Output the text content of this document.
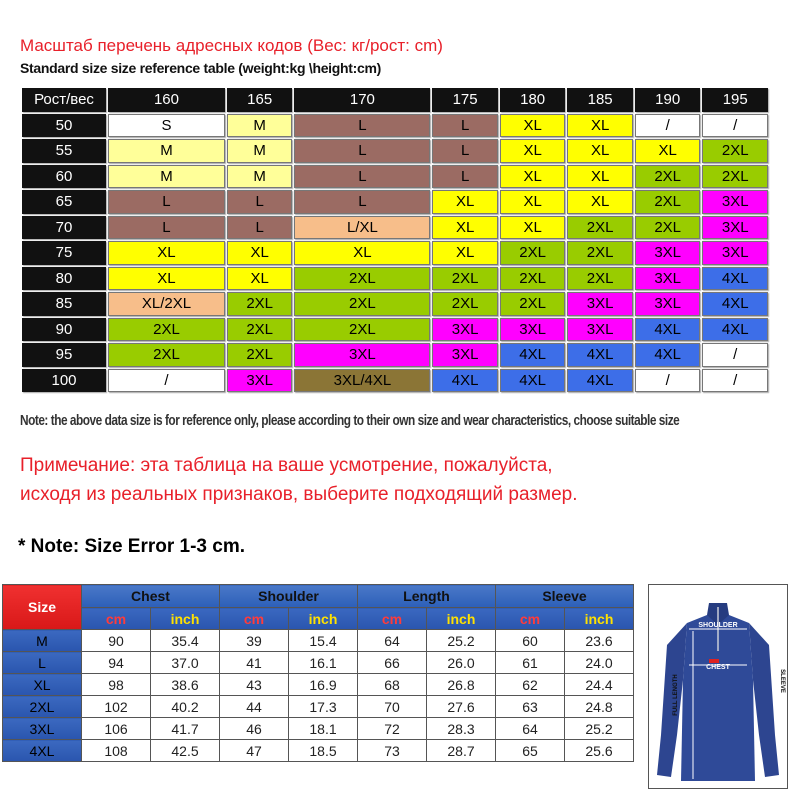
Масштаб перечень адресных кодов (Вес: кг/рост: cm)
Standard size size reference table (weight:kg \height:cm)
Рост/вес	160	165	170	175	180	185	190	195
50	S	M	L	L	XL	XL	/	/
55	M	M	L	L	XL	XL	XL	2XL
60	M	M	L	L	XL	XL	2XL	2XL
65	L	L	L	XL	XL	XL	2XL	3XL
70	L	L	L/XL	XL	XL	2XL	2XL	3XL
75	XL	XL	XL	XL	2XL	2XL	3XL	3XL
80	XL	XL	2XL	2XL	2XL	2XL	3XL	4XL
85	XL/2XL	2XL	2XL	2XL	2XL	3XL	3XL	4XL
90	2XL	2XL	2XL	3XL	3XL	3XL	4XL	4XL
95	2XL	2XL	3XL	3XL	4XL	4XL	4XL	/
100	/	3XL	3XL/4XL	4XL	4XL	4XL	/	/
Note: the above data size is for reference only, please according to their own size and wear characteristics, choose suitable size
Примечание: эта таблица на ваше усмотрение, пожалуйста,
исходя из реальных признаков, выберите подходящий размер.
* Note: Size Error 1-3 cm.
Size	Chest		Shoulder		Length		Sleeve	
	cm	inch	cm	inch	cm	inch	cm	inch
M	90	35.4	39	15.4	64	25.2	60	23.6
L	94	37.0	41	16.1	66	26.0	61	24.0
XL	98	38.6	43	16.9	68	26.8	62	24.4
2XL	102	40.2	44	17.3	70	27.6	63	24.8
3XL	106	41.7	46	18.1	72	28.3	64	25.2
4XL	108	42.5	47	18.5	73	28.7	65	25.6
SHOULDER
CHEST
FULL LENGTH	SLEEVE
